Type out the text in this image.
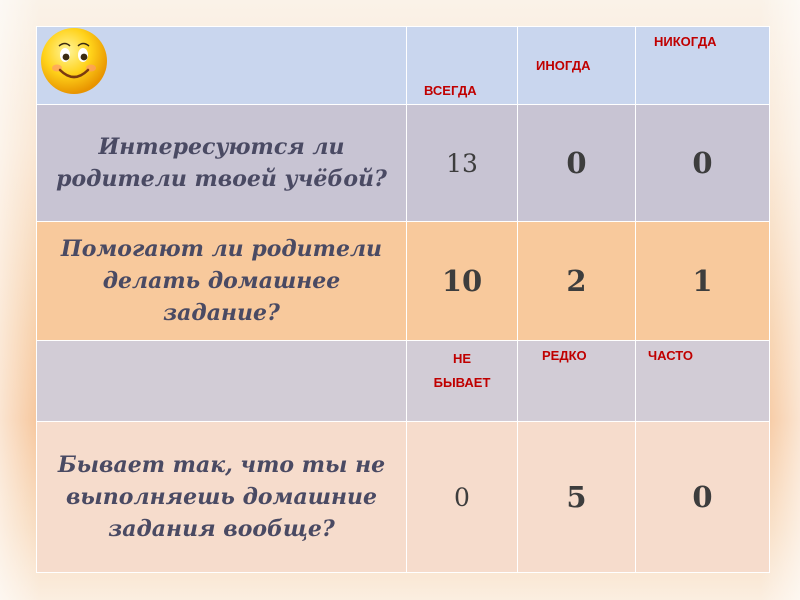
	ВСЕГДА	ИНОГДА	НИКОГДА

Интересуются ли родители твоей учёбой?	13	0	0
Помогают ли родители делать домашнее задание?	10	2	1

	НЕ БЫВАЕТ	РЕДКО	ЧАСТО

Бывает так, что ты не выполняешь домашние задания вообще?	0	5	0
